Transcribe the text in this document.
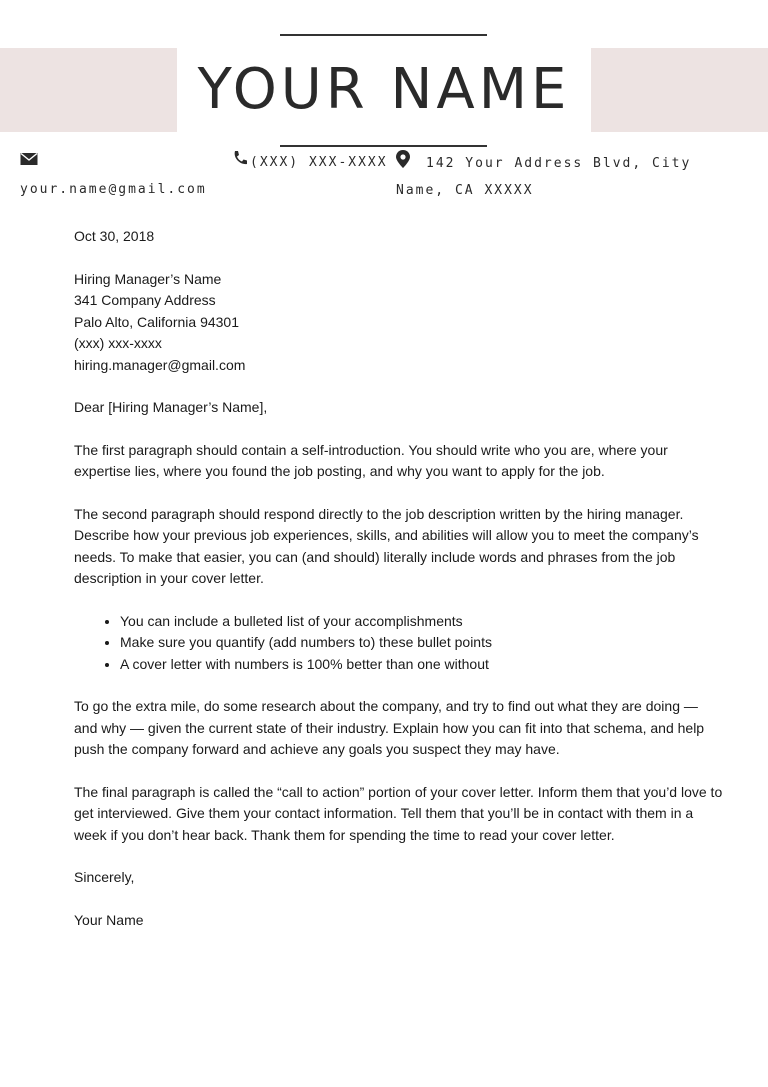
YOUR NAME
your.name@gmail.com
(XXX) XXX-XXXX	142 Your Address Blvd, City Name, CA XXXXX

Oct 30, 2018

Hiring Manager’s Name
341 Company Address
Palo Alto, California 94301
(xxx) xxx-xxxx
hiring.manager@gmail.com

Dear [Hiring Manager’s Name],

The first paragraph should contain a self-introduction. You should write who you are, where your expertise lies, where you found the job posting, and why you want to apply for the job.

The second paragraph should respond directly to the job description written by the hiring manager. Describe how your previous job experiences, skills, and abilities will allow you to meet the company’s needs. To make that easier, you can (and should) literally include words and phrases from the job description in your cover letter.

• You can include a bulleted list of your accomplishments
• Make sure you quantify (add numbers to) these bullet points
• A cover letter with numbers is 100% better than one without

To go the extra mile, do some research about the company, and try to find out what they are doing — and why — given the current state of their industry. Explain how you can fit into that schema, and help push the company forward and achieve any goals you suspect they may have.

The final paragraph is called the “call to action” portion of your cover letter. Inform them that you’d love to get interviewed. Give them your contact information. Tell them that you’ll be in contact with them in a week if you don’t hear back. Thank them for spending the time to read your cover letter.

Sincerely,

Your Name
